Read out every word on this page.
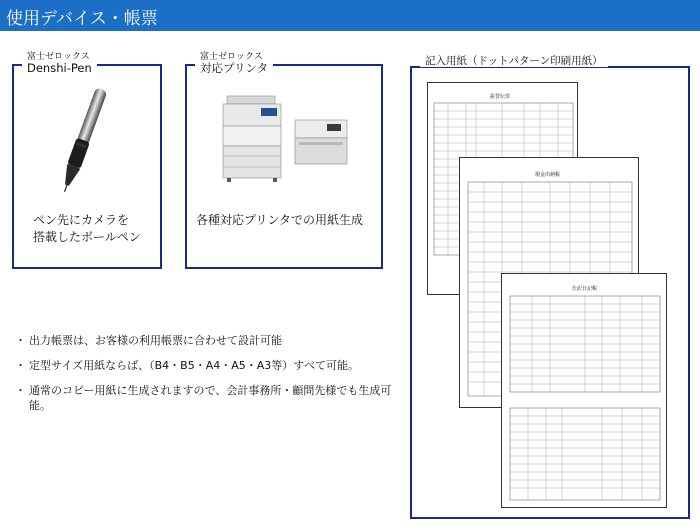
使用デバイス・帳票
富士ゼロックス
Denshi-Pen
ペン先にカメラを
搭載したボールペン
富士ゼロックス
対応プリンタ
各種対応プリンタでの用紙生成
・ 出力帳票は、お客様の利用帳票に合わせて設計可能
・ 定型サイズ用紙ならば、（B4・B5・A4・A5・A3等）すべて可能。
・ 通常のコピー用紙に生成されますので、会計事務所・顧問先様でも生成可能。
記入用紙（ドットパターン印刷用紙）
振替伝票
現金出納帳
仕訳日記帳
